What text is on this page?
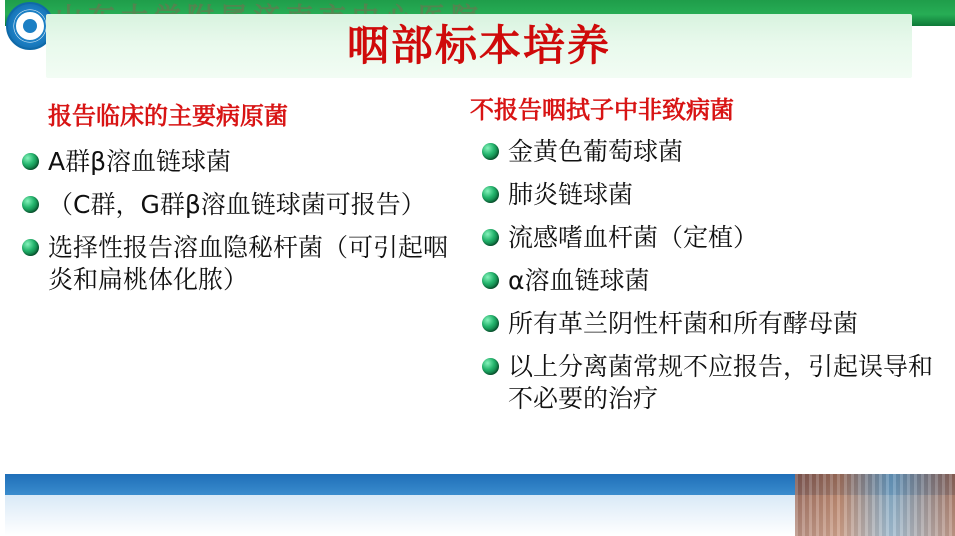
咽部标本培养
报告临床的主要病原菌	不报告咽拭子中非致病菌
A群β溶血链球菌
（C群，G群β溶血链球菌可报告）
选择性报告溶血隐秘杆菌（可引起咽炎和扁桃体化脓）
金黄色葡萄球菌
肺炎链球菌
流感嗜血杆菌（定植）
α溶血链球菌
所有革兰阴性杆菌和所有酵母菌
以上分离菌常规不应报告，引起误导和不必要的治疗
